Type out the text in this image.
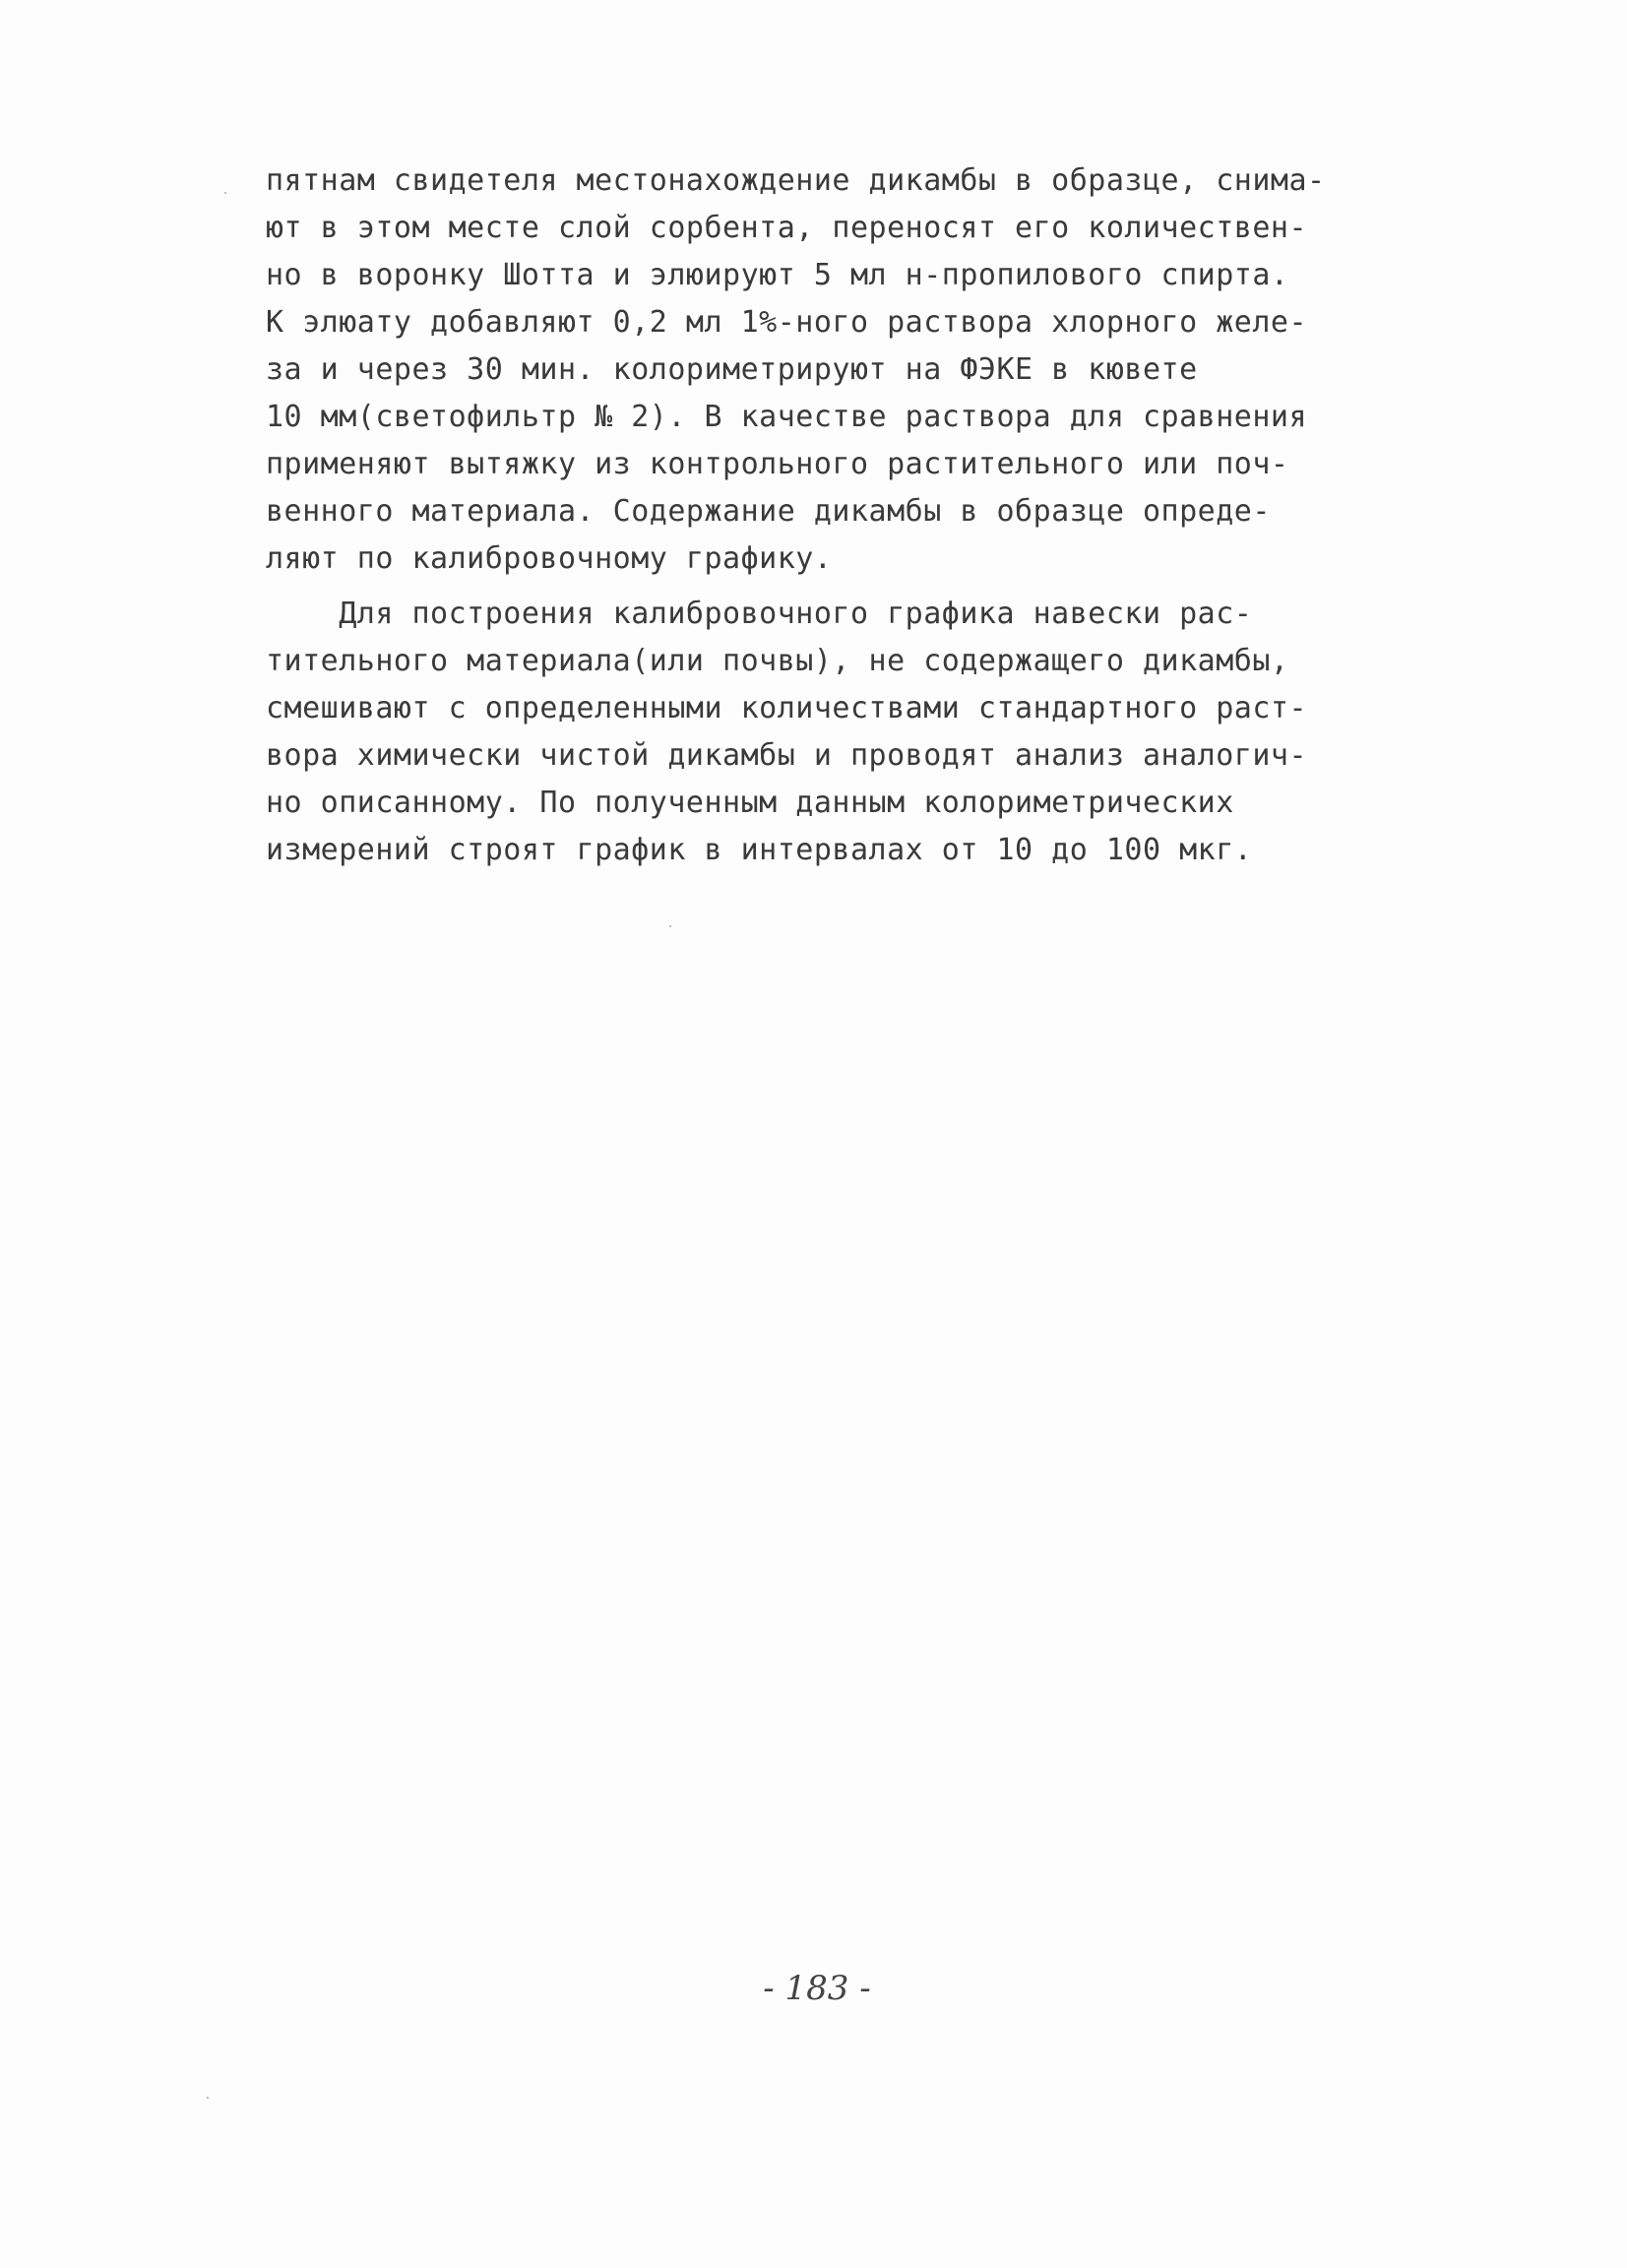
пятнам свидетеля местонахождение дикамбы в образце, снима-
ют в этом месте слой сорбента, переносят его количествен-
но в воронку Шотта и элюируют 5 мл н-пропилового спирта.
К элюату добавляют 0,2 мл 1%-ного раствора хлорного желе-
за и через 30 мин. колориметрируют на ФЭКЕ в кювете
10 мм(светофильтр № 2). В качестве раствора для сравнения
применяют вытяжку из контрольного растительного или поч-
венного материала. Содержание дикамбы в образце опреде-
ляют по калибровочному графику.
Для построения калибровочного графика навески рас-
тительного материала(или почвы), не содержащего дикамбы,
смешивают с определенными количествами стандартного раст-
вора химически чистой дикамбы и проводят анализ аналогич-
но описанному. По полученным данным колориметрических
измерений строят график в интервалах от 10 до 100 мкг.
- 183 -
